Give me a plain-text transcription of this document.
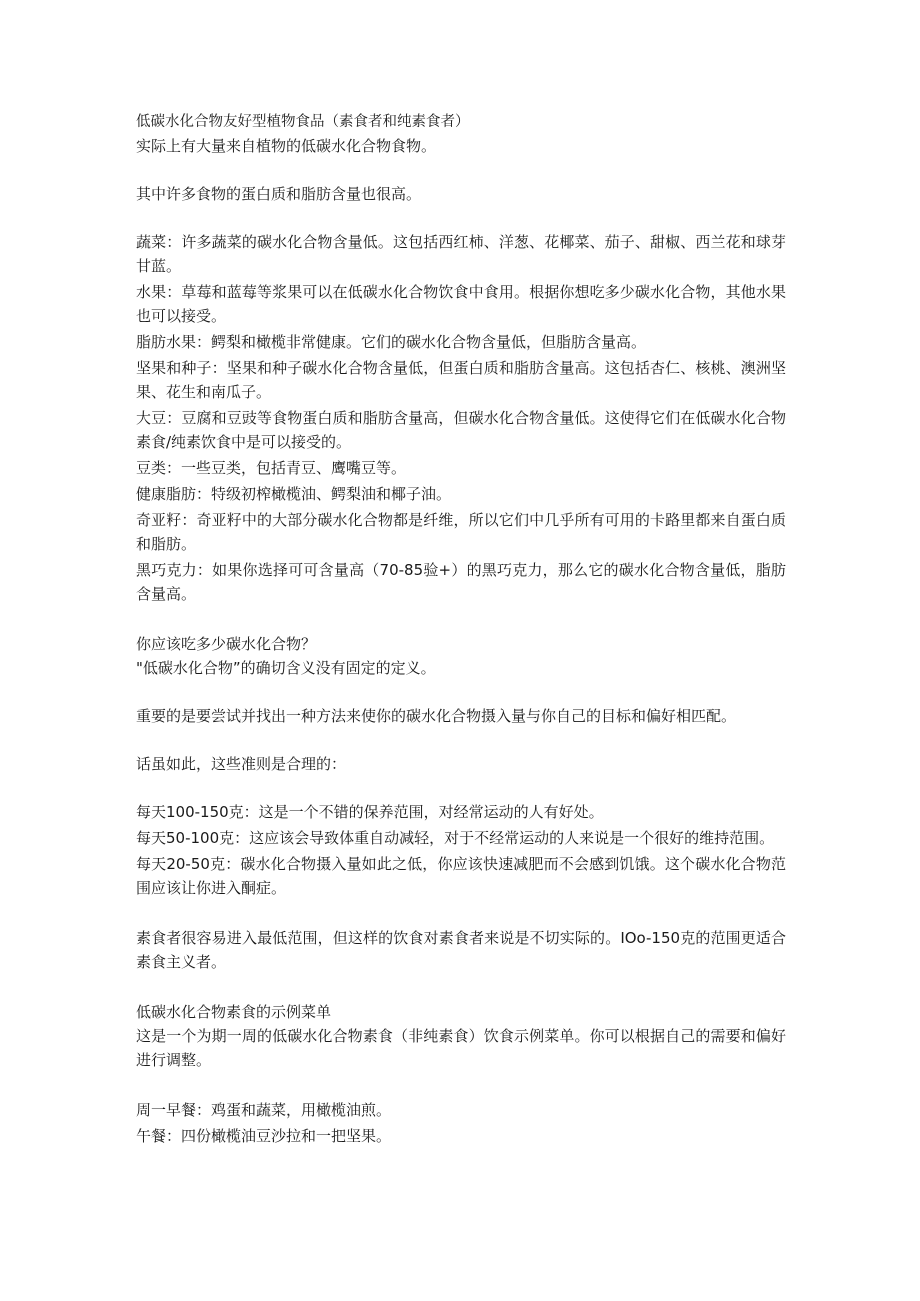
低碳水化合物友好型植物食品（素食者和纯素食者）
实际上有大量来自植物的低碳水化合物食物。
其中许多食物的蛋白质和脂肪含量也很高。
蔬菜：许多蔬菜的碳水化合物含量低。这包括西红柿、洋葱、花椰菜、茄子、甜椒、西兰花和球芽甘蓝。
水果：草莓和蓝莓等浆果可以在低碳水化合物饮食中食用。根据你想吃多少碳水化合物，其他水果也可以接受。
脂肪水果：鳄梨和橄榄非常健康。它们的碳水化合物含量低，但脂肪含量高。
坚果和种子：坚果和种子碳水化合物含量低，但蛋白质和脂肪含量高。这包括杏仁、核桃、澳洲坚果、花生和南瓜子。
大豆：豆腐和豆豉等食物蛋白质和脂肪含量高，但碳水化合物含量低。这使得它们在低碳水化合物素食/纯素饮食中是可以接受的。
豆类：一些豆类，包括青豆、鹰嘴豆等。
健康脂肪：特级初榨橄榄油、鳄梨油和椰子油。
奇亚籽：奇亚籽中的大部分碳水化合物都是纤维，所以它们中几乎所有可用的卡路里都来自蛋白质和脂肪。
黑巧克力：如果你选择可可含量高（70-85验+）的黑巧克力，那么它的碳水化合物含量低，脂肪含量高。
你应该吃多少碳水化合物？
"低碳水化合物”的确切含义没有固定的定义。
重要的是要尝试并找出一种方法来使你的碳水化合物摄入量与你自己的目标和偏好相匹配。
话虽如此，这些准则是合理的：
每天100-150克：这是一个不错的保养范围，对经常运动的人有好处。
每天50-100克：这应该会导致体重自动减轻，对于不经常运动的人来说是一个很好的维持范围。
每天20-50克：碳水化合物摄入量如此之低，你应该快速减肥而不会感到饥饿。这个碳水化合物范围应该让你进入酮症。
素食者很容易进入最低范围，但这样的饮食对素食者来说是不切实际的。IOo-150克的范围更适合素食主义者。
低碳水化合物素食的示例菜单
这是一个为期一周的低碳水化合物素食（非纯素食）饮食示例菜单。你可以根据自己的需要和偏好进行调整。
周一早餐：鸡蛋和蔬菜，用橄榄油煎。
午餐：四份橄榄油豆沙拉和一把坚果。
